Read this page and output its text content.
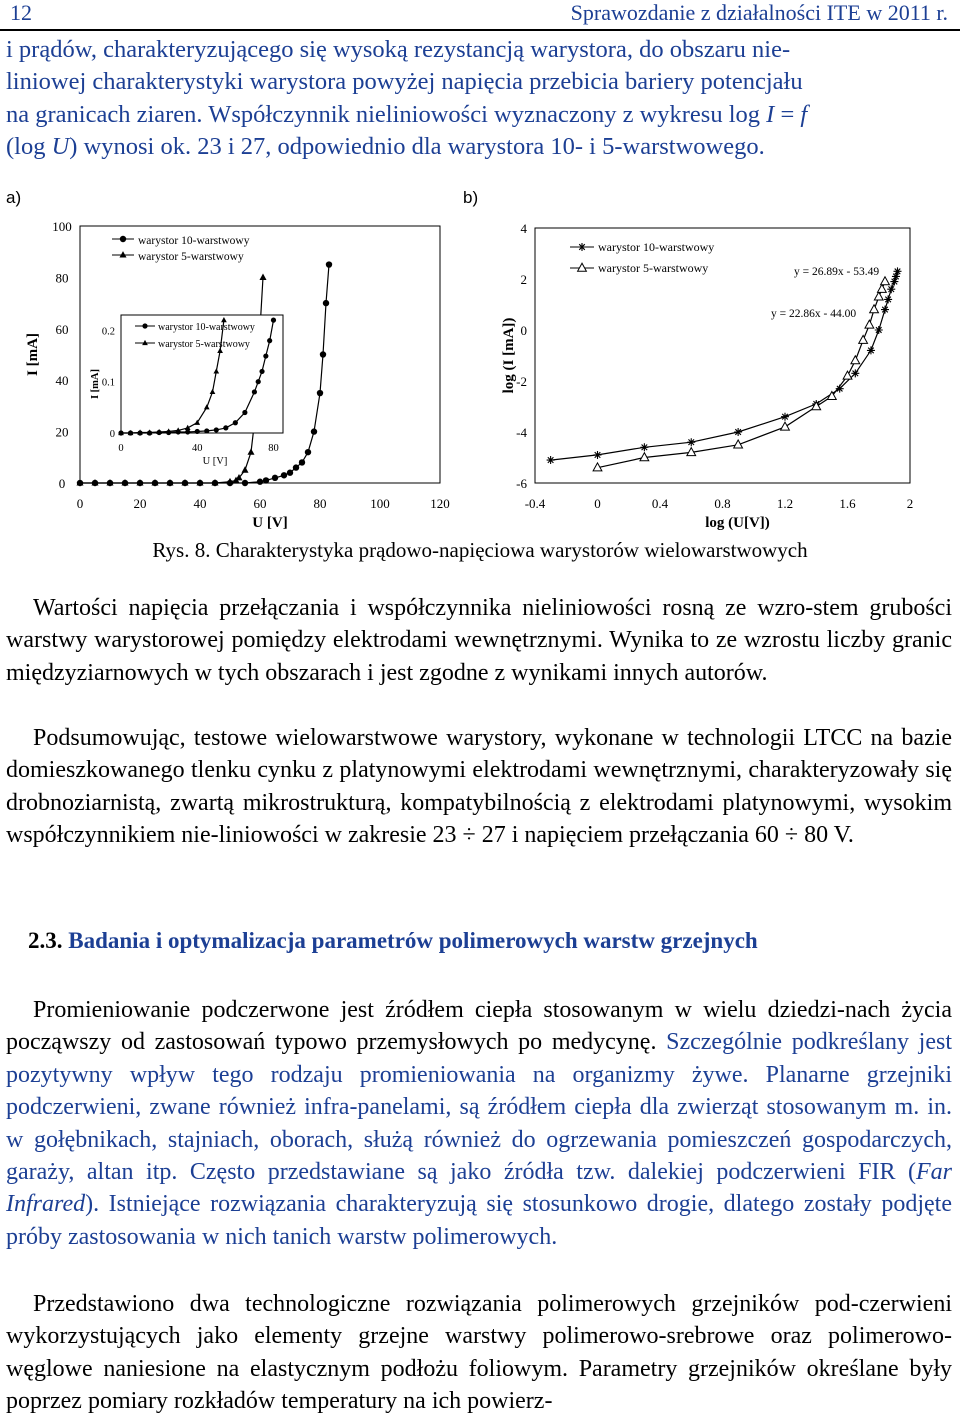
12	Sprawozdanie z działalności ITE w 2011 r.
i prądów, charakteryzującego się wysoką rezystancją warystora, do obszaru nie-
liniowej charakterystyki warystora powyżej napięcia przebicia bariery potencjału
na granicach ziaren. Współczynnik nieliniowości wyznaczony z wykresu log I = f
(log U) wynosi ok. 23 i 27, odpowiednio dla warystora 10- i 5-warstwowego.
a)	b)
0
20
40
60
80
100
0	20	40	60	80	100	120
U [V]
I [mA]
warystor 10-warstwowy
warystor 5-warstwowy
0
0.1
0.2
0	40	80
U [V]
I [mA]
warystor 10-warstwowy
warystor 5-warstwowy
-6
-4
-2
0
2
4
-0.4	0	0.4	0.8	1.2	1.6	2
log (U[V])
log (I [mA])
warystor 10-warstwowy
warystor 5-warstwowy	y = 26.89x - 53.49
y = 22.86x - 44.00
Rys. 8. Charakterystyka prądowo-napięciowa warystorów wielowarstwowych
Wartości napięcia przełączania i współczynnika nieliniowości rosną ze wzro-stem grubości warstwy warystorowej pomiędzy elektrodami wewnętrznymi. Wynika to ze wzrostu liczby granic międzyziarnowych w tych obszarach i jest zgodne z wynikami innych autorów.
Podsumowując, testowe wielowarstwowe warystory, wykonane w technologii LTCC na bazie domieszkowanego tlenku cynku z platynowymi elektrodami wewnętrznymi, charakteryzowały się drobnoziarnistą, zwartą mikrostrukturą, kompatybilnością z elektrodami platynowymi, wysokim współczynnikiem nie-liniowości w zakresie 23 ÷ 27 i napięciem przełączania 60 ÷ 80 V.
2.3. Badania i optymalizacja parametrów polimerowych warstw grzejnych
Promieniowanie podczerwone jest źródłem ciepła stosowanym w wielu dziedzi-nach życia począwszy od zastosowań typowo przemysłowych po medycynę. Szczególnie podkreślany jest pozytywny wpływ tego rodzaju promieniowania na organizmy żywe. Planarne grzejniki podczerwieni, zwane również infra-panelami, są źródłem ciepła dla zwierząt stosowanym m. in. w gołębnikach, stajniach, oborach, służą również do ogrzewania pomieszczeń gospodarczych, garaży, altan itp. Często przedstawiane są jako źródła tzw. dalekiej podczerwieni FIR (Far Infrared). Istniejące rozwiązania charakteryzują się stosunkowo drogie, dlatego zostały podjęte próby zastosowania w nich tanich warstw polimerowych.
Przedstawiono dwa technologiczne rozwiązania polimerowych grzejników pod-czerwieni wykorzystujących jako elementy grzejne warstwy polimerowo-srebrowe oraz polimerowo-węglowe naniesione na elastycznym podłożu foliowym. Parametry grzejników określane były poprzez pomiary rozkładów temperatury na ich powierz-
